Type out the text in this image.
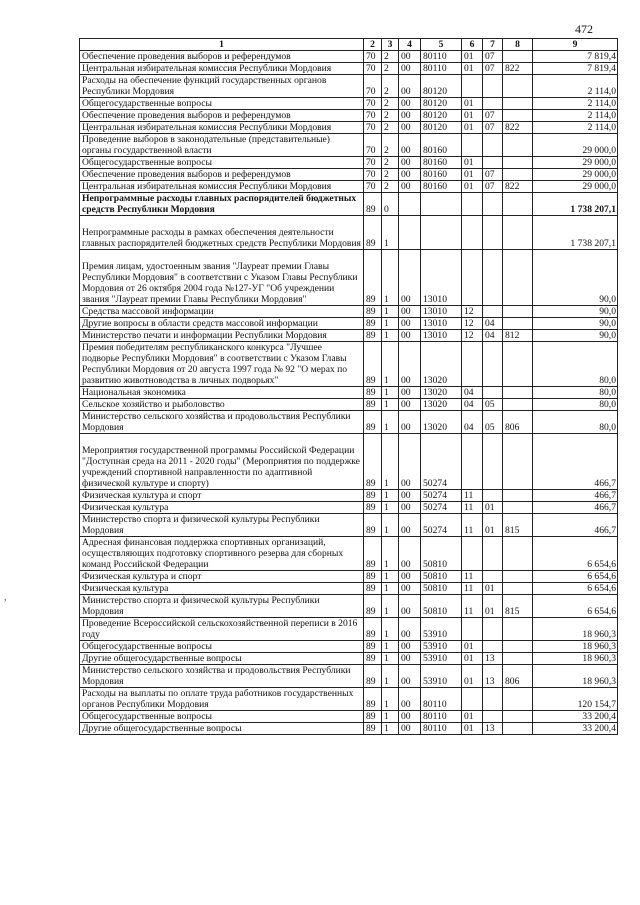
472
1	2	3	4	5	6	7	8	9
Обеспечение проведения выборов и референдумов	70	2	00	80110	01	07		7 819,4
Центральная избирательная комиссия Республики Мордовия	70	2	00	80110	01	07	822	7 819,4
Расходы на обеспечение функций государственных органов Республики Мордовия	70	2	00	80120				2 114,0
Общегосударственные вопросы	70	2	00	80120	01			2 114,0
Обеспечение проведения выборов и референдумов	70	2	00	80120	01	07		2 114,0
Центральная избирательная комиссия Республики Мордовия	70	2	00	80120	01	07	822	2 114,0
Проведение выборов в законодательные (представительные) органы государственной власти	70	2	00	80160				29 000,0
Общегосударственные вопросы	70	2	00	80160	01			29 000,0
Обеспечение проведения выборов и референдумов	70	2	00	80160	01	07		29 000,0
Центральная избирательная комиссия Республики Мордовия	70	2	00	80160	01	07	822	29 000,0
Непрограммные расходы главных распорядителей бюджетных средств Республики Мордовия	89	0						1 738 207,1
Непрограммные расходы в рамках обеспечения деятельности главных распорядителей бюджетных средств Республики Мордовия	89	1						1 738 207,1
Премия лицам, удостоенным звания "Лауреат премии Главы Республики Мордовия" в соответствии с Указом Главы Республики Мордовия от 26 октября 2004 года №127-УГ "Об учреждении звания "Лауреат премии Главы Республики Мордовия"	89	1	00	13010				90,0
Средства массовой информации	89	1	00	13010	12			90,0
Другие вопросы в области средств массовой информации	89	1	00	13010	12	04		90,0
Министерство печати и информации Республики Мордовия	89	1	00	13010	12	04	812	90,0
Премия победителям республиканского конкурса "Лучшее подворье Республики Мордовия" в соответствии с Указом Главы Республики Мордовия от 20 августа 1997 года № 92 "О мерах по развитию животноводства в личных подворьях"	89	1	00	13020				80,0
Национальная экономика	89	1	00	13020	04			80,0
Сельское хозяйство и рыболовство	89	1	00	13020	04	05		80,0
Министерство сельского хозяйства и продовольствия Республики Мордовия	89	1	00	13020	04	05	806	80,0
Мероприятия государственной программы Российской Федерации "Доступная среда на 2011 - 2020 годы" (Мероприятия по поддержке учреждений спортивной направленности по адаптивной физической культуре и спорту)	89	1	00	50274				466,7
Физическая культура и спорт	89	1	00	50274	11			466,7
Физическая культура	89	1	00	50274	11	01		466,7
Министерство спорта и физической культуры Республики Мордовия	89	1	00	50274	11	01	815	466,7
Адресная финансовая поддержка спортивных организаций, осуществляющих подготовку спортивного резерва для сборных команд Российской Федерации	89	1	00	50810				6 654,6
Физическая культура и спорт	89	1	00	50810	11			6 654,6
Физическая культура	89	1	00	50810	11	01		6 654,6
Министерство спорта и физической культуры Республики Мордовия	89	1	00	50810	11	01	815	6 654,6
Проведение Всероссийской сельскохозяйственной переписи в 2016 году	89	1	00	53910				18 960,3
Общегосударственные вопросы	89	1	00	53910	01			18 960,3
Другие общегосударственные вопросы	89	1	00	53910	01	13		18 960,3
Министерство сельского хозяйства и продовольствия Республики Мордовия	89	1	00	53910	01	13	806	18 960,3
Расходы на выплаты по оплате труда работников государственных органов Республики Мордовия	89	1	00	80110				120 154,7
Общегосударственные вопросы	89	1	00	80110	01			33 200,4
Другие общегосударственные вопросы	89	1	00	80110	01	13		33 200,4
,
